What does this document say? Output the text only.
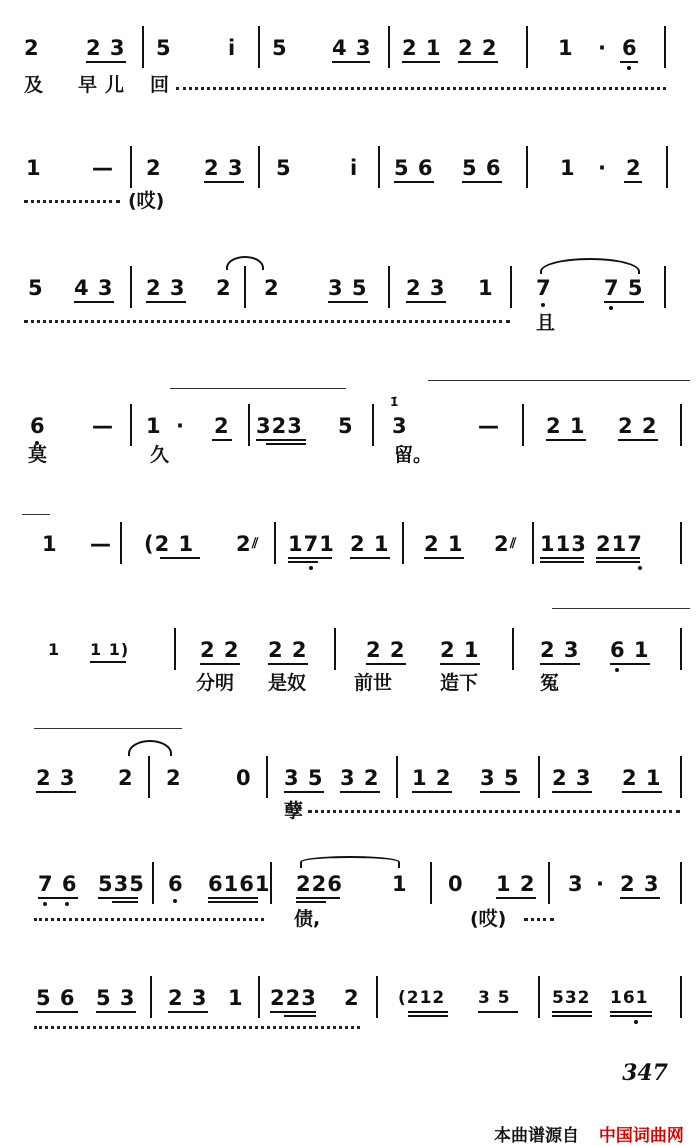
2 2 3 5	i 5 4 3 2 1 2 2	1 · 6
及 早儿 回
1 — 2 2 3 5	i 5 6 5 6	1 · 2
(哎)
5 4 3 2 3 2 2 3 5 2 3 1 7 7 5
且
6 — 1 · 2 323 5
1̇
3	— 2 1 2 2
莫	久	留。
1 — (2 1 2 ⫽ 171 2 1 2 1 2 ⫽ 113 217
1 1 1)	2 2 2 2	2 2 2 1	2 3 6 1
分明 是奴	前世	造下	冤
2 3 2 2	0 3 5 3 2 1 2 3 5 2 3 2 1
孽
7 6 535 6 6161 226 1 0 1 2 3 · 2 3
债,	(哎)
5 6 5 3 2 3 1 223 2 (212 3 5 532 161
347
本曲谱源自 中国词曲网
